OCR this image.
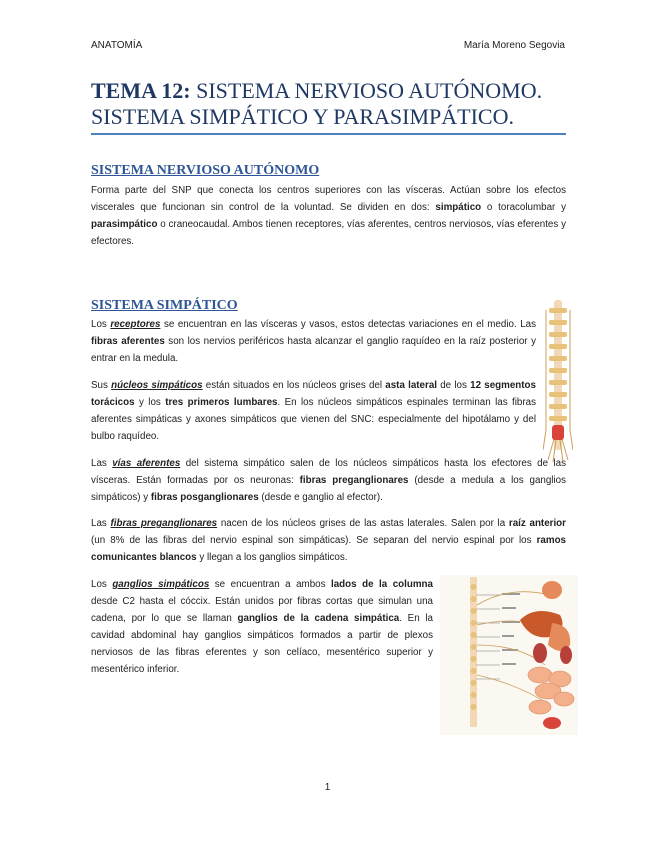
ANATOMÍA	María Moreno Segovia
TEMA 12: SISTEMA NERVIOSO AUTÓNOMO. SISTEMA SIMPÁTICO Y PARASIMPÁTICO.
SISTEMA NERVIOSO AUTÓNOMO

Forma parte del SNP que conecta los centros superiores con las vísceras. Actúan sobre los efectos viscerales que funcionan sin control de la voluntad. Se dividen en dos: simpático o toracolumbar y parasimpático o craneocaudal. Ambos tienen receptores, vías aferentes, centros nerviosos, vías eferentes y efectores.

SISTEMA SIMPÁTICO

Los receptores se encuentran en las vísceras y vasos, estos detectas variaciones en el medio. Las fibras aferentes son los nervios periféricos hasta alcanzar el ganglio raquídeo en la raíz posterior y entrar en la medula.

Sus núcleos simpáticos están situados en los núcleos grises del asta lateral de los 12 segmentos torácicos y los tres primeros lumbares. En los núcleos simpáticos espinales terminan las fibras aferentes simpáticas y axones simpáticos que vienen del SNC: especialmente del hipotálamo y del bulbo raquídeo.

Las vías aferentes del sistema simpático salen de los núcleos simpáticos hasta los efectores de las vísceras. Están formadas por os neuronas: fibras preganglionares (desde a medula a los ganglios simpáticos) y fibras posganglionares (desde e ganglio al efector).

Las fibras preganglionares nacen de los núcleos grises de las astas laterales. Salen por la raíz anterior (un 8% de las fibras del nervio espinal son simpáticas). Se separan del nervio espinal por los ramos comunicantes blancos y llegan a los ganglios simpáticos.

Los ganglios simpáticos se encuentran a ambos lados de la columna desde C2 hasta el cóccix. Están unidos por fibras cortas que simulan una cadena, por lo que se llaman ganglios de la cadena simpática. En la cavidad abdominal hay ganglios simpáticos formados a partir de plexos nerviosos de las fibras eferentes y son celíaco, mesentérico superior y mesentérico inferior.

1
